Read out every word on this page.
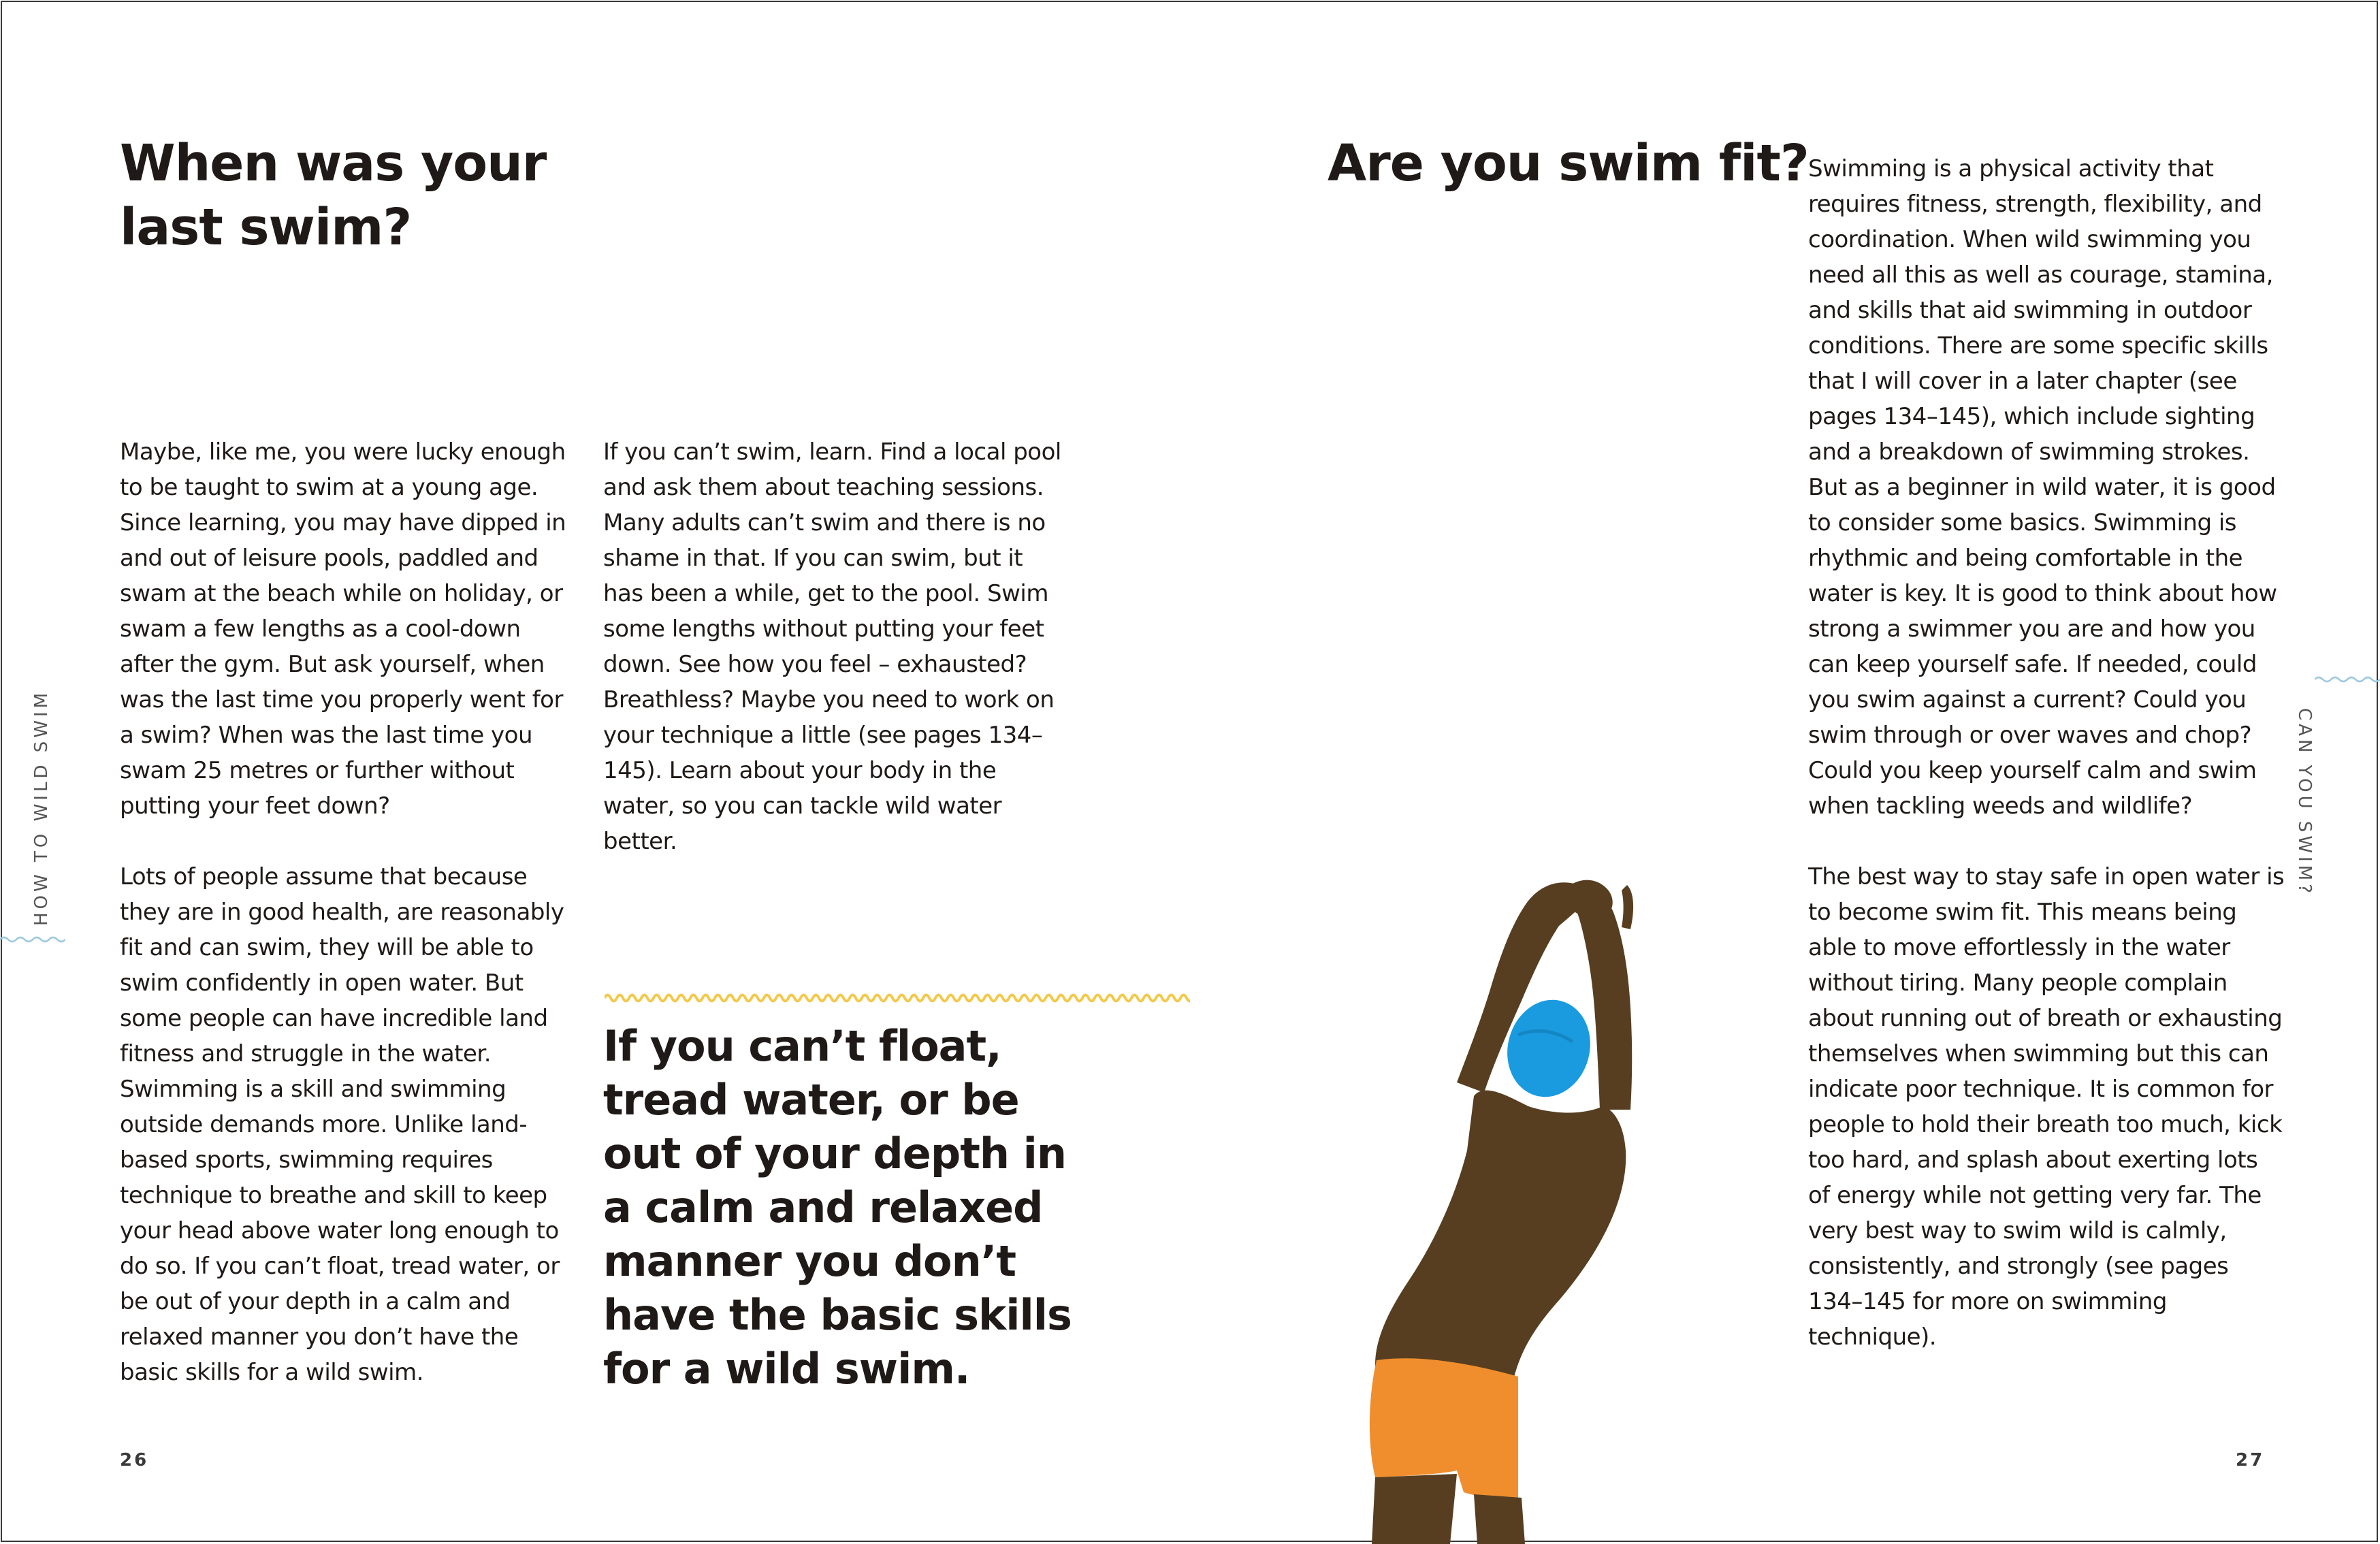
When was your last swim?

Maybe, like me, you were lucky enough to be taught to swim at a young age. Since learning, you may have dipped in and out of leisure pools, paddled and swam at the beach while on holiday, or swam a few lengths as a cool-down after the gym. But ask yourself, when was the last time you properly went for a swim? When was the last time you swam 25 metres or further without putting your feet down?

Lots of people assume that because they are in good health, are reasonably fit and can swim, they will be able to swim confidently in open water. But some people can have incredible land fitness and struggle in the water. Swimming is a skill and swimming outside demands more. Unlike land-based sports, swimming requires technique to breathe and skill to keep your head above water long enough to do so. If you can’t float, tread water, or be out of your depth in a calm and relaxed manner you don’t have the basic skills for a wild swim.

If you can’t swim, learn. Find a local pool and ask them about teaching sessions. Many adults can’t swim and there is no shame in that. If you can swim, but it has been a while, get to the pool. Swim some lengths without putting your feet down. See how you feel – exhausted? Breathless? Maybe you need to work on your technique a little (see pages 134–145). Learn about your body in the water, so you can tackle wild water better.

If you can’t float, tread water, or be out of your depth in a calm and relaxed manner you don’t have the basic skills for a wild swim.
HOW TO WILD SWIM
26
Are you swim fit? Swimming is a physical activity that requires fitness, strength, flexibility, and coordination. When wild swimming you need all this as well as courage, stamina, and skills that aid swimming in outdoor conditions. There are some specific skills that I will cover in a later chapter (see pages 134–145), which include sighting and a breakdown of swimming strokes. But as a beginner in wild water, it is good to consider some basics. Swimming is rhythmic and being comfortable in the water is key. It is good to think about how strong a swimmer you are and how you can keep yourself safe. If needed, could you swim against a current? Could you swim through or over waves and chop? Could you keep yourself calm and swim when tackling weeds and wildlife?

The best way to stay safe in open water is to become swim fit. This means being able to move effortlessly in the water without tiring. Many people complain about running out of breath or exhausting themselves when swimming but this can indicate poor technique. It is common for people to hold their breath too much, kick too hard, and splash about exerting lots of energy while not getting very far. The very best way to swim wild is calmly, consistently, and strongly (see pages 134–145 for more on swimming technique).

CAN YOU SWIM?
27
